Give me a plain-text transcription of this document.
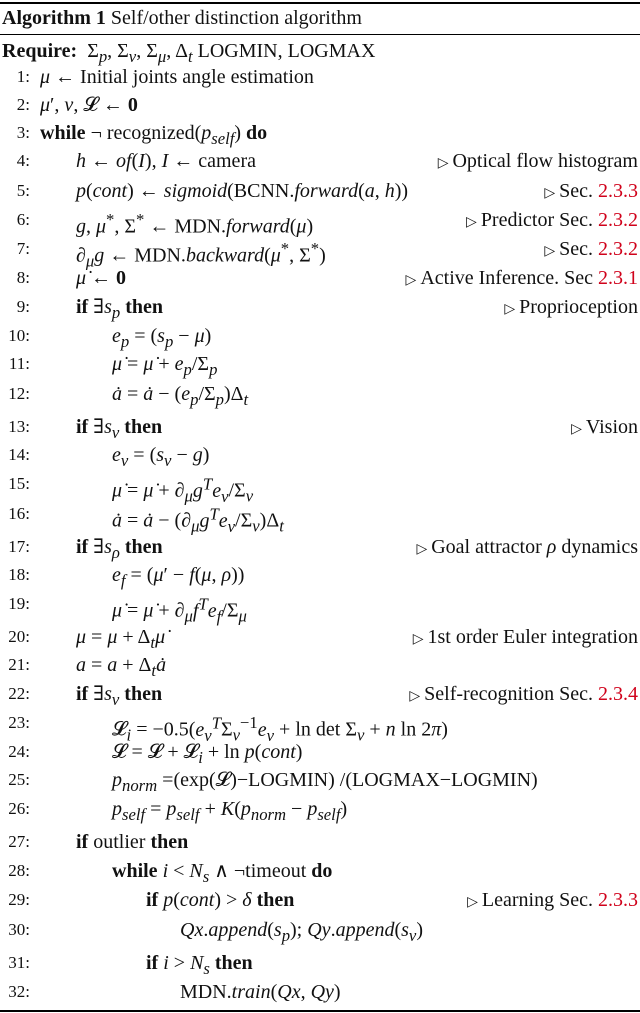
Algorithm 1 Self/other distinction algorithm
Require: $\Sigma_p$, $\Sigma_v$, $\Sigma_\mu$, $\Delta_t$ LOGMIN, LOGMAX
1: μ ← Initial joints angle estimation
2: μ′, v, 𝓛 ← 0
3: while ¬ $recognized(p_{self})$ do
4: h ← of(I), I ← camera	▷ Optical flow histogram
5: p(cont) ← sigmoid(BCNN.forward(a, h))	▷ Sec. 2.3.3
6: g, μ*, Σ* ← MDN.forward(μ)	▷ Predictor Sec. 2.3.2
7: $\partial_\mu g$ ← MDN.backward(μ*, Σ*)	▷ Sec. 2.3.2
8: μ̇ ← 0	▷ Active Inference. Sec 2.3.1
9: if $\exists s_p$ then	▷ Proprioception
10:	$e_p = (s_p - \mu)$
11:	μ̇ = μ̇ + $e_p/\Sigma_p$
12:	ȧ = ȧ − $(e_p/\Sigma_p)\Delta_t$
13: if $\exists s_v$ then	▷ Vision
14:	$e_v = (s_v - g)$
15:	μ̇ = μ̇ + $\partial_\mu g^Te_v/\Sigma_v$
16:	ȧ = ȧ − $(\partial_\mu g^Te_v/\Sigma_v)\Delta_t$
17: if $\exists s_\rho$ then	▷ Goal attractor ρ dynamics
18:	$e_f = (\mu' - f(\mu$, ρ))
19:	μ̇ = μ̇ + $\partial_\mu f^Te_f/\Sigma_\mu$
20: $\mu = \mu + \Delta_t\mu̇$	▷ 1st order Euler integration
21: $a = a + \Delta_tȧ$
22: if $\exists s_v$ then	▷ Self-recognition Sec. 2.3.4
23:	𝓛$_i$ = $-0.5(e_v^T\Sigma_v^{-1}e_v + \ln \det \Sigma_v + n$ ln 2π)
24:	𝓛 = 𝓛 + 𝓛$_i$ + ln p(cont)
25:	$p_{norm}$ =(exp(𝓛)−LOGMIN) /(LOGMAX−LOGMIN)
26:	$p_{self} = p_{self} + K(p_{norm} - p_{self})$
27: if outlier then
28:	while $i < N_s$ ∧ ¬timeout do
29:	if p(cont) > δ then	▷ Learning Sec. 2.3.3
30:	$Qx.append(s_p)$; $Qy.append(s_v)$
31:	if $i > N_s$ then
32:	MDN.train(Qx, Qy)
